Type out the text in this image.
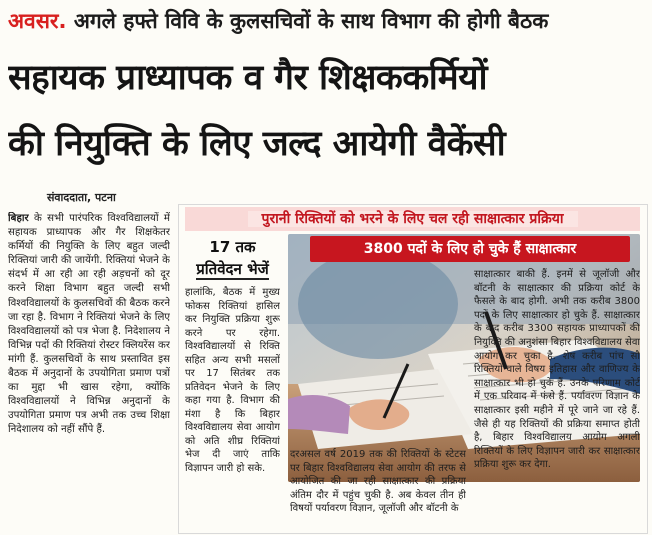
अवसर. अगले हफ्ते विवि के कुलसचिवों के साथ विभाग की होगी बैठक
सहायक प्राध्यापक व गैर शिक्षककर्मियों
की नियुक्ति के लिए जल्द आयेगी वैकेंसी
संवाददाता, पटना

बिहार के सभी पारंपरिक विश्वविद्यालयों में सहायक प्राध्यापक और गैर शिक्षकेतर कर्मियों की नियुक्ति के लिए बहुत जल्दी रिक्तियां जारी की जायेंगी. रिक्तियां भेजने के संदर्भ में आ रही आ रही अड़चनों को दूर करने शिक्षा विभाग बहुत जल्दी सभी विश्वविद्यालयों के कुलसचिवों की बैठक करने जा रहा है. विभाग ने रिक्तियां भेजने के लिए विश्वविद्यालयों को पत्र भेजा है. निदेशालय ने विभिन्न पदों की रिक्तियां रोस्टर क्लियरेंस कर मांगी हैं. कुलसचिवों के साथ प्रस्तावित इस बैठक में अनुदानों के उपयोगिता प्रमाण पत्रों का मुद्दा भी खास रहेगा, क्योंकि विश्वविद्यालयों ने विभिन्न अनुदानों के उपयोगिता प्रमाण पत्र अभी तक उच्च शिक्षा निदेशालय को नहीं सौंपे हैं.

पुरानी रिक्तियों को भरने के लिए चल रही साक्षात्कार प्रक्रिया
17 तक
प्रतिवेदन भेजें

हालांकि, बैठक में मुख्य फोकस रिक्तियां हासिल कर नियुक्ति प्रक्रिया शुरू करने पर रहेगा. विश्वविद्यालयों से रिक्ति सहित अन्य सभी मसलों पर 17 सितंबर तक प्रतिवेदन भेजने के लिए कहा गया है. विभाग की मंशा है कि बिहार विश्वविद्यालय सेवा आयोग को अति शीघ्र रिक्तियां भेज दी जाएं ताकि विज्ञापन जारी हो सके.

3800 पदों के लिए हो चुके हैं साक्षात्कार

दरअसल वर्ष 2019 तक की रिक्तियों के स्टेटस पर बिहार विश्वविद्यालय सेवा आयोग की तरफ से आयोजित की जा रही साक्षात्कार की प्रक्रिया अंतिम दौर में पहुंच चुकी है. अब केवल तीन ही विषयों पर्यावरण विज्ञान, जूलॉजी और बॉटनी के

साक्षात्कार बाकी हैं. इनमें से जूलॉजी और बॉटनी के साक्षात्कार की प्रक्रिया कोर्ट के फैसले के बाद होगी. अभी तक करीब 3800 पदों के लिए साक्षात्कार हो चुके हैं. साक्षात्कार के बाद करीब 3300 सहायक प्राध्यापकों की नियुक्ति की अनुशंसा बिहार विश्वविद्यालय सेवा आयोग कर चुका है. शेष करीब पांच सौ रिक्तियों वाले विषय इतिहास और वाणिज्य के साक्षात्कार भी हो चुके हैं. उनके परिणाम कोर्ट में एक परिवाद में फंसे हैं. पर्यावरण विज्ञान के साक्षात्कार इसी महीने में पूरे जाने जा रहे हैं. जैसे ही यह रिक्तियों की प्रक्रिया समाप्त होती है, बिहार विश्वविद्यालय आयोग अगली रिक्तियों के लिए विज्ञापन जारी कर साक्षात्कार प्रक्रिया शुरू कर देगा.
